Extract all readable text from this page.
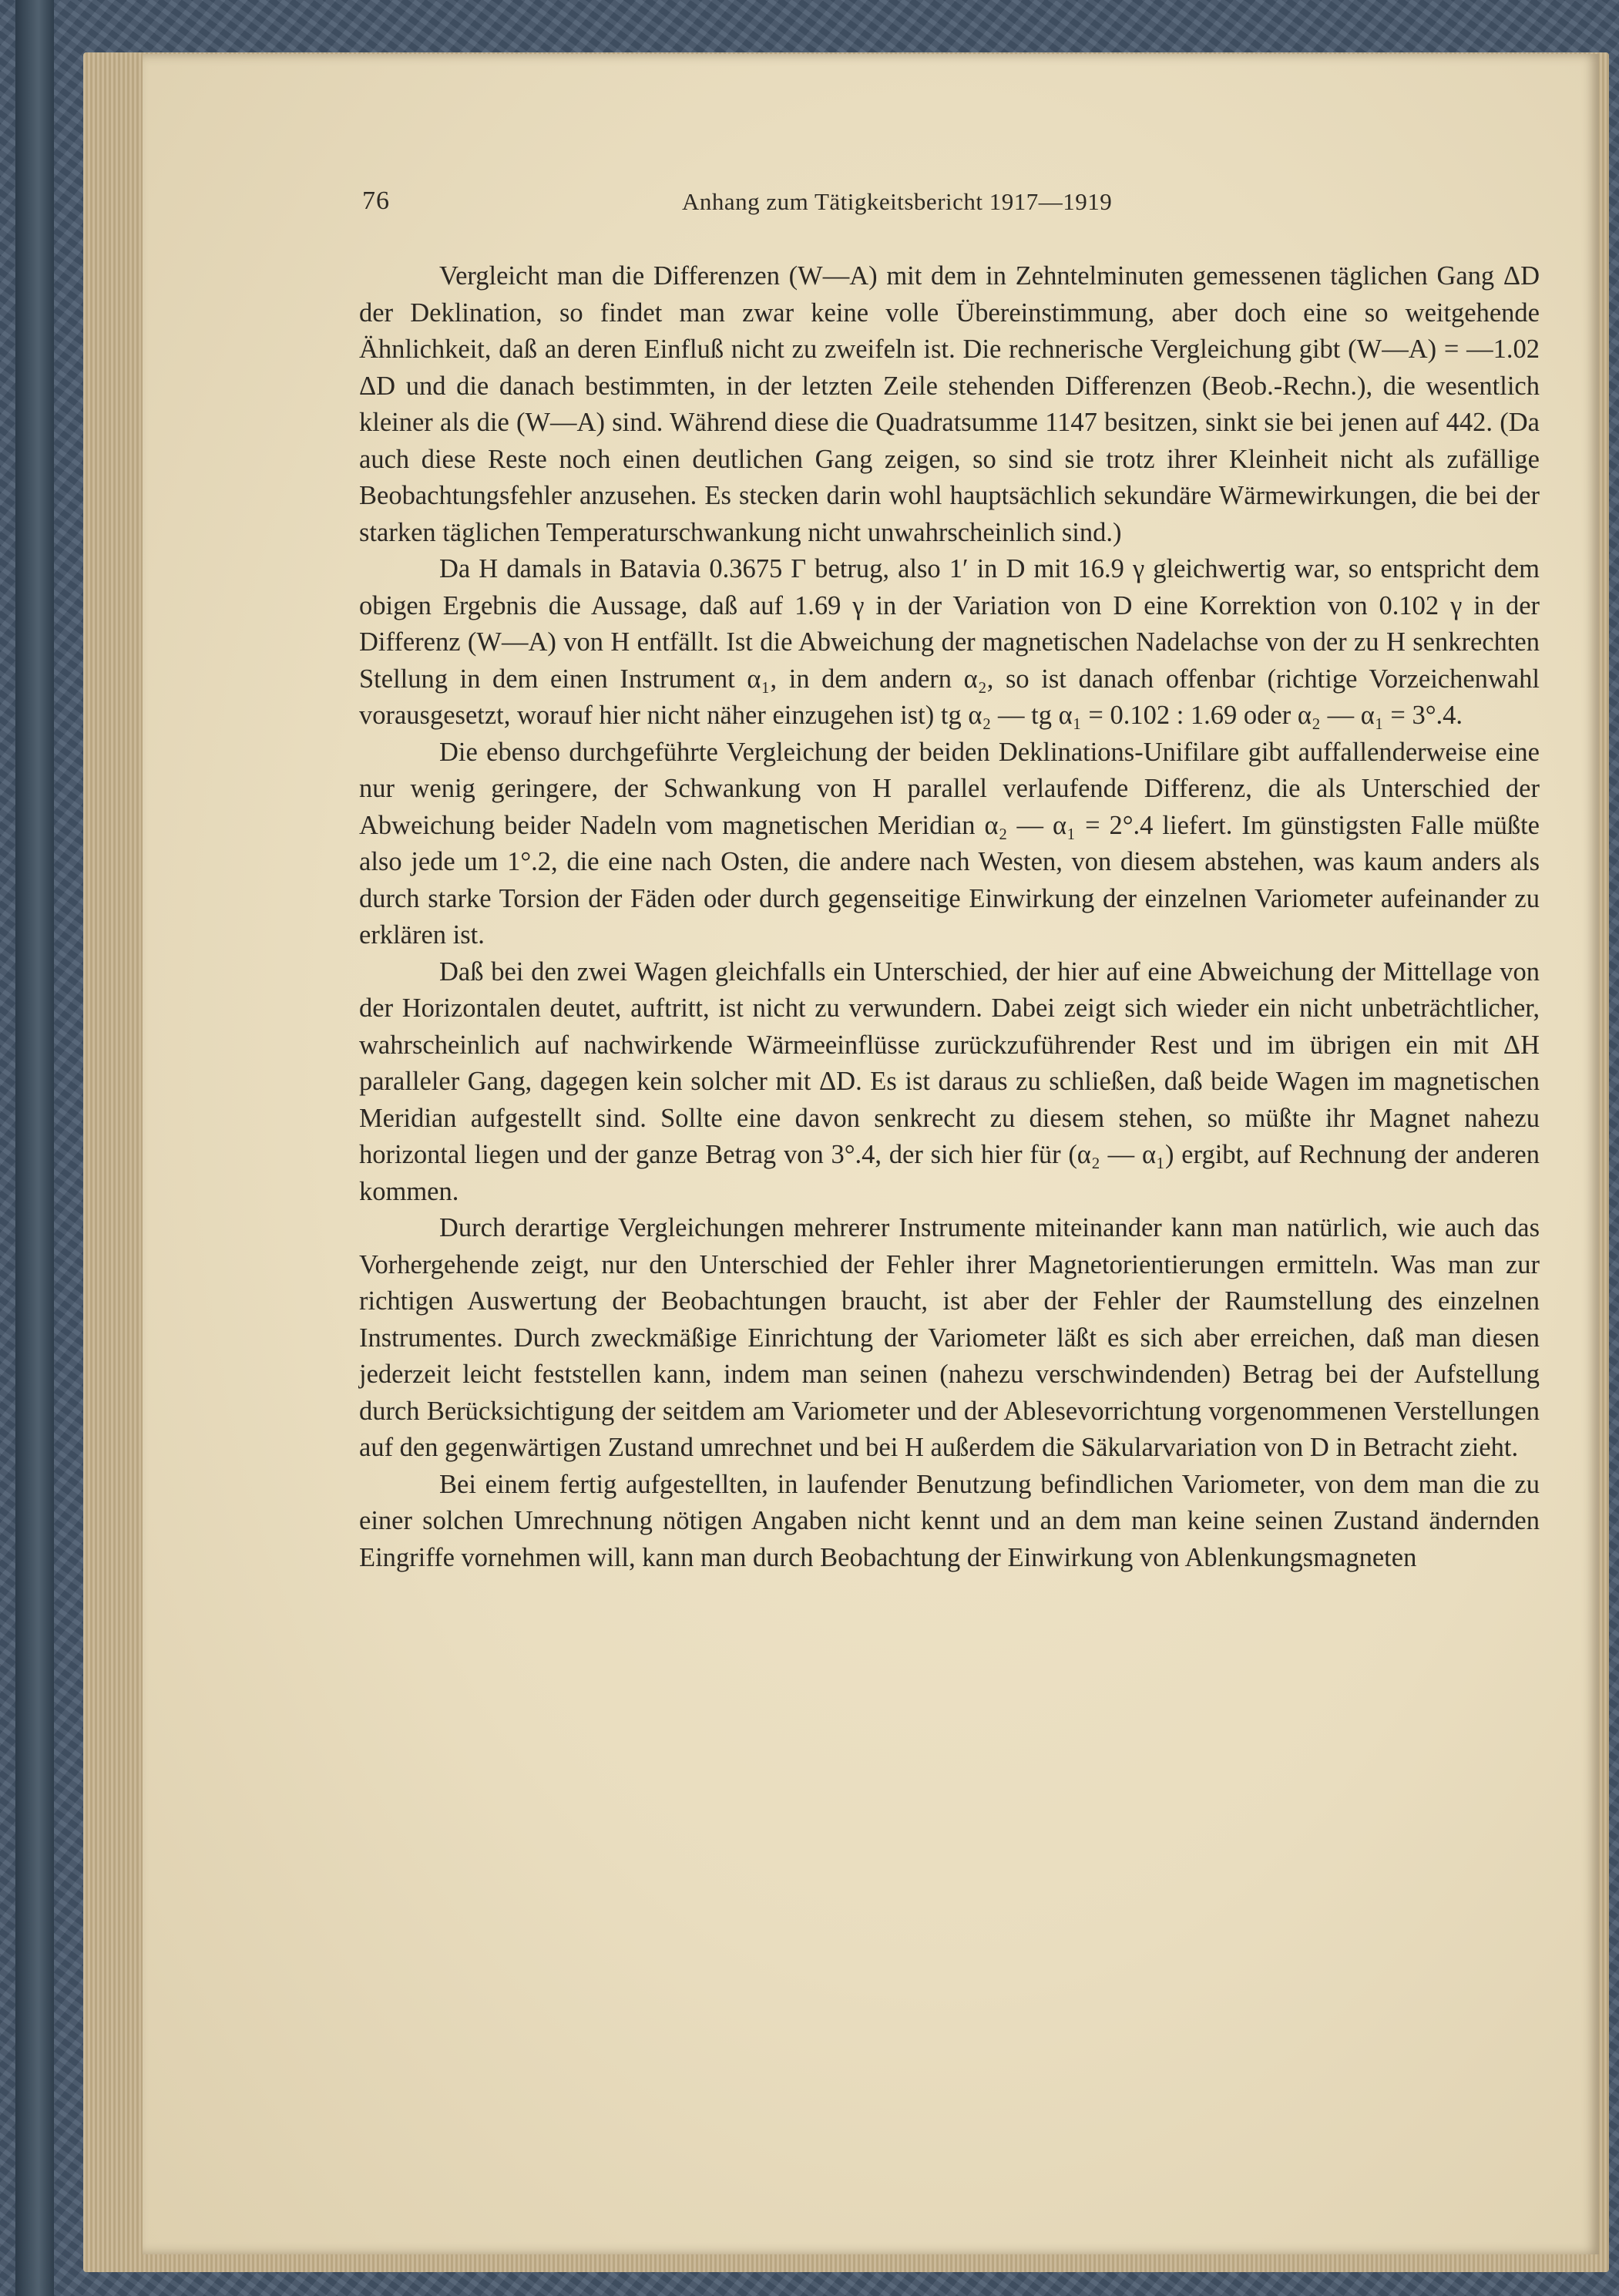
76	Anhang zum Tätigkeitsbericht 1917—1919

Vergleicht man die Differenzen (W—A) mit dem in Zehntelminuten gemessenen täglichen Gang ΔD der Deklination, so findet man zwar keine volle Übereinstimmung, aber doch eine so weitgehende Ähnlichkeit, daß an deren Einfluß nicht zu zweifeln ist. Die rechnerische Vergleichung gibt (W—A) = —1.02 ΔD und die danach bestimmten, in der letzten Zeile stehenden Differenzen (Beob.-Rechn.), die wesentlich kleiner als die (W—A) sind. Während diese die Quadratsumme 1147 besitzen, sinkt sie bei jenen auf 442. (Da auch diese Reste noch einen deutlichen Gang zeigen, so sind sie trotz ihrer Kleinheit nicht als zufällige Beobachtungsfehler anzusehen. Es stecken darin wohl hauptsächlich sekundäre Wärmewirkungen, die bei der starken täglichen Temperaturschwankung nicht unwahrscheinlich sind.)

Da H damals in Batavia 0.3675 Γ betrug, also 1′ in D mit 16.9 γ gleichwertig war, so entspricht dem obigen Ergebnis die Aussage, daß auf 1.69 γ in der Variation von D eine Korrektion von 0.102 γ in der Differenz (W—A) von H entfällt. Ist die Abweichung der magnetischen Nadelachse von der zu H senkrechten Stellung in dem einen Instrument α₁, in dem andern α₂, so ist danach offenbar (richtige Vorzeichenwahl vorausgesetzt, worauf hier nicht näher einzugehen ist) tg α₂ — tg α₁ = 0.102 : 1.69 oder α₂ — α₁ = 3°.4.

Die ebenso durchgeführte Vergleichung der beiden Deklinations-Unifilare gibt auffallenderweise eine nur wenig geringere, der Schwankung von H parallel verlaufende Differenz, die als Unterschied der Abweichung beider Nadeln vom magnetischen Meridian α₂ — α₁ = 2°.4 liefert. Im günstigsten Falle müßte also jede um 1°.2, die eine nach Osten, die andere nach Westen, von diesem abstehen, was kaum anders als durch starke Torsion der Fäden oder durch gegenseitige Einwirkung der einzelnen Variometer aufeinander zu erklären ist.

Daß bei den zwei Wagen gleichfalls ein Unterschied, der hier auf eine Abweichung der Mittellage von der Horizontalen deutet, auftritt, ist nicht zu verwundern. Dabei zeigt sich wieder ein nicht unbeträchtlicher, wahrscheinlich auf nachwirkende Wärmeeinflüsse zurückzuführender Rest und im übrigen ein mit ΔH paralleler Gang, dagegen kein solcher mit ΔD. Es ist daraus zu schließen, daß beide Wagen im magnetischen Meridian aufgestellt sind. Sollte eine davon senkrecht zu diesem stehen, so müßte ihr Magnet nahezu horizontal liegen und der ganze Betrag von 3°.4, der sich hier für (α₂ — α₁) ergibt, auf Rechnung der anderen kommen.

Durch derartige Vergleichungen mehrerer Instrumente miteinander kann man natürlich, wie auch das Vorhergehende zeigt, nur den Unterschied der Fehler ihrer Magnetorientierungen ermitteln. Was man zur richtigen Auswertung der Beobachtungen braucht, ist aber der Fehler der Raumstellung des einzelnen Instrumentes. Durch zweckmäßige Einrichtung der Variometer läßt es sich aber erreichen, daß man diesen jederzeit leicht feststellen kann, indem man seinen (nahezu verschwindenden) Betrag bei der Aufstellung durch Berücksichtigung der seitdem am Variometer und der Ablesevorrichtung vorgenommenen Verstellungen auf den gegenwärtigen Zustand umrechnet und bei H außerdem die Säkularvariation von D in Betracht zieht.

Bei einem fertig aufgestellten, in laufender Benutzung befindlichen Variometer, von dem man die zu einer solchen Umrechnung nötigen Angaben nicht kennt und an dem man keine seinen Zustand ändernden Eingriffe vornehmen will, kann man durch Beobachtung der Einwirkung von Ablenkungsmagneten
